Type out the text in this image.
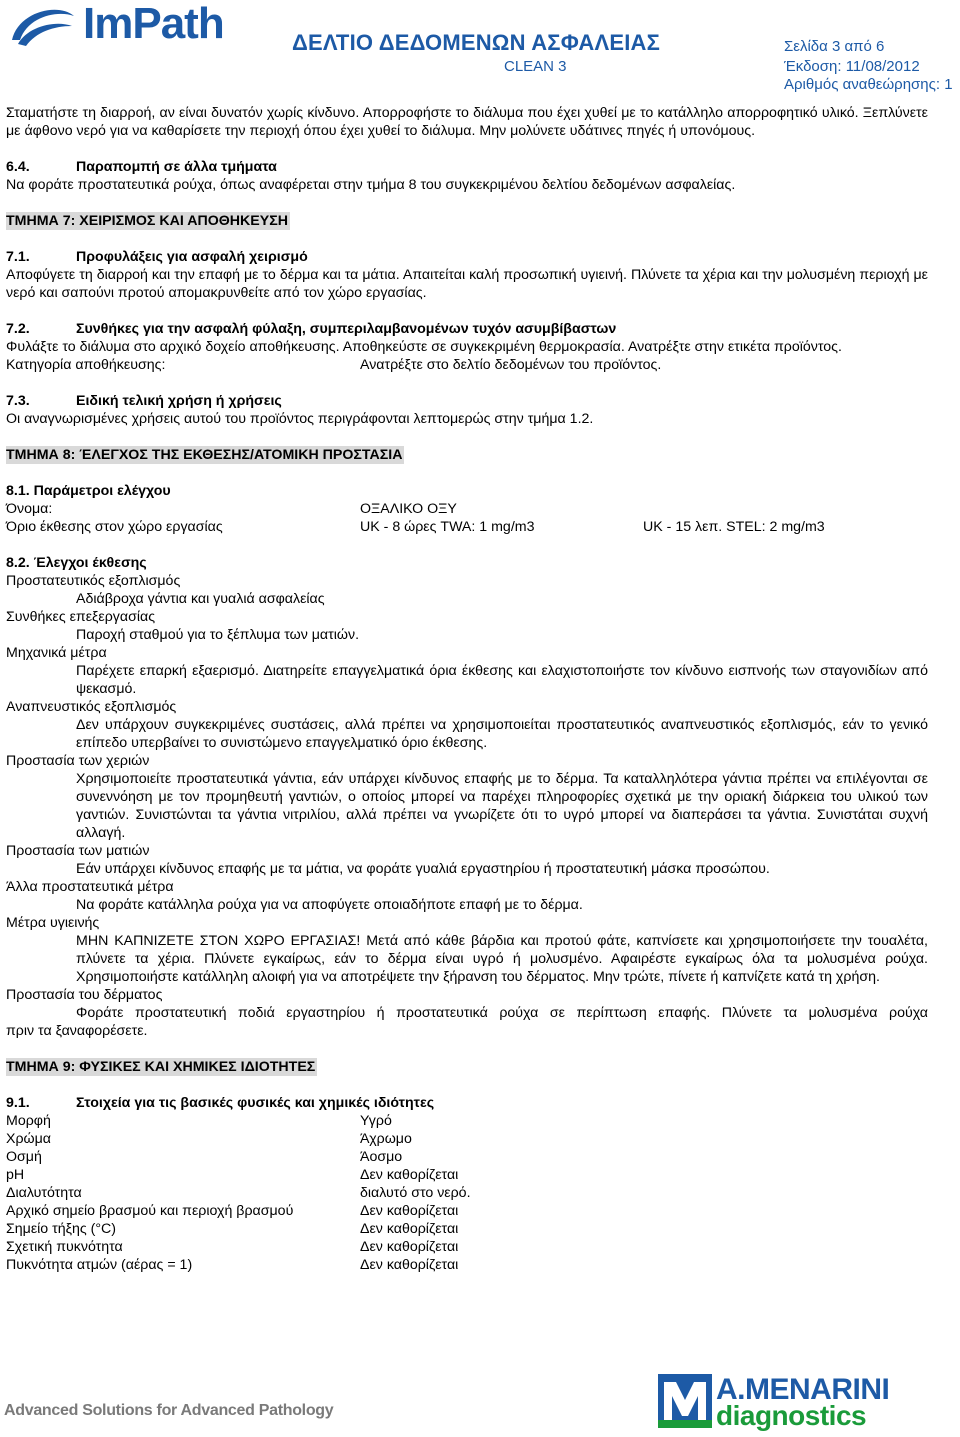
ImPath	ΔΕΛΤΙΟ ΔΕΔΟΜΕΝΩΝ ΑΣΦΑΛΕΙΑΣ
CLEAN 3
Σελίδα 3 από 6
Έκδοση: 11/08/2012
Αριθμός αναθεώρησης: 1

Σταματήστε τη διαρροή, αν είναι δυνατόν χωρίς κίνδυνο. Απορροφήστε το διάλυμα που έχει χυθεί με το κατάλληλο απορροφητικό υλικό. Ξεπλύνετε με άφθονο νερό για να καθαρίσετε την περιοχή όπου έχει χυθεί το διάλυμα. Μην μολύνετε υδάτινες πηγές ή υπονόμους.

6.4.	Παραπομπή σε άλλα τμήματα

Να φοράτε προστατευτικά ρούχα, όπως αναφέρεται στην τμήμα 8 του συγκεκριμένου δελτίου δεδομένων ασφαλείας.

ΤΜΗΜΑ 7: ΧΕΙΡΙΣΜΟΣ ΚΑΙ ΑΠΟΘΗΚΕΥΣΗ
7.1.	Προφυλάξεις για ασφαλή χειρισμό

Αποφύγετε τη διαρροή και την επαφή με το δέρμα και τα μάτια. Απαιτείται καλή προσωπική υγιεινή. Πλύνετε τα χέρια και την μολυσμένη περιοχή με νερό και σαπούνι προτού απομακρυνθείτε από τον χώρο εργασίας.

7.2.	Συνθήκες για την ασφαλή φύλαξη, συμπεριλαμβανομένων τυχόν ασυμβίβαστων

Φυλάξτε το διάλυμα στο αρχικό δοχείο αποθήκευσης. Αποθηκεύστε σε συγκεκριμένη θερμοκρασία. Ανατρέξτε στην ετικέτα προϊόντος.

Κατηγορία αποθήκευσης:	Ανατρέξτε στο δελτίο δεδομένων του προϊόντος.
7.3.	Ειδική τελική χρήση ή χρήσεις

Οι αναγνωρισμένες χρήσεις αυτού του προϊόντος περιγράφονται λεπτομερώς στην τμήμα 1.2.

ΤΜΗΜΑ 8: ΈΛΕΓΧΟΣ ΤΗΣ ΕΚΘΕΣΗΣ/ΑΤΟΜΙΚΗ ΠΡΟΣΤΑΣΙΑ
8.1. Παράμετροι ελέγχου
Όνομα:	ΟΞΑΛΙΚΟ ΟΞΥ
Όριο έκθεσης στον χώρο εργασίας	UK - 8 ώρες TWA: 1 mg/m3	UK - 15 λεπ. STEL: 2 mg/m3
8.2. Έλεγχοι έκθεσης
Προστατευτικός εξοπλισμός
Αδιάβροχα γάντια και γυαλιά ασφαλείας
Συνθήκες επεξεργασίας
Παροχή σταθμού για το ξέπλυμα των ματιών.
Μηχανικά μέτρα
Παρέχετε επαρκή εξαερισμό. Διατηρείτε επαγγελματικά όρια έκθεσης και ελαχιστοποιήστε τον κίνδυνο εισπνοής των σταγονιδίων από ψεκασμό.
Αναπνευστικός εξοπλισμός
Δεν υπάρχουν συγκεκριμένες συστάσεις, αλλά πρέπει να χρησιμοποιείται προστατευτικός αναπνευστικός εξοπλισμός, εάν το γενικό επίπεδο υπερβαίνει το συνιστώμενο επαγγελματικό όριο έκθεσης.
Προστασία των χεριών
Χρησιμοποιείτε προστατευτικά γάντια, εάν υπάρχει κίνδυνος επαφής με το δέρμα. Τα καταλληλότερα γάντια πρέπει να επιλέγονται σε συνεννόηση με τον προμηθευτή γαντιών, ο οποίος μπορεί να παρέχει πληροφορίες σχετικά με την οριακή διάρκεια του υλικού των γαντιών. Συνιστώνται τα γάντια νιτριλίου, αλλά πρέπει να γνωρίζετε ότι το υγρό μπορεί να διαπεράσει τα γάντια. Συνιστάται συχνή αλλαγή.
Προστασία των ματιών
Εάν υπάρχει κίνδυνος επαφής με τα μάτια, να φοράτε γυαλιά εργαστηρίου ή προστατευτική μάσκα προσώπου.
Άλλα προστατευτικά μέτρα
Να φοράτε κατάλληλα ρούχα για να αποφύγετε οποιαδήποτε επαφή με το δέρμα.
Μέτρα υγιεινής
ΜΗΝ ΚΑΠΝΙΖΕΤΕ ΣΤΟΝ ΧΩΡΟ ΕΡΓΑΣΙΑΣ! Μετά από κάθε βάρδια και προτού φάτε, καπνίσετε και χρησιμοποιήσετε την τουαλέτα, πλύνετε τα χέρια. Πλύνετε εγκαίρως, εάν το δέρμα είναι υγρό ή μολυσμένο. Αφαιρέστε εγκαίρως όλα τα μολυσμένα ρούχα. Χρησιμοποιήστε κατάλληλη αλοιφή για να αποτρέψετε την ξήρανση του δέρματος. Μην τρώτε, πίνετε ή καπνίζετε κατά τη χρήση.
Προστασία του δέρματος
Φοράτε προστατευτική ποδιά εργαστηρίου ή προστατευτικά ρούχα σε περίπτωση επαφής. Πλύνετε τα μολυσμένα ρούχα
πριν τα ξαναφορέσετε.
ΤΜΗΜΑ 9: ΦΥΣΙΚΕΣ ΚΑΙ ΧΗΜΙΚΕΣ ΙΔΙΟΤΗΤΕΣ
9.1.	Στοιχεία για τις βασικές φυσικές και χημικές ιδιότητες
Μορφή	Υγρό
Χρώμα	Άχρωμο
Οσμή	Άοσμο
pH	Δεν καθορίζεται
Διαλυτότητα	διαλυτό στο νερό.
Αρχικό σημείο βρασμού και περιοχή βρασμού	Δεν καθορίζεται
Σημείο τήξης (°C)	Δεν καθορίζεται
Σχετική πυκνότητα	Δεν καθορίζεται
Πυκνότητα ατμών (αέρας = 1)	Δεν καθορίζεται
Advanced Solutions for Advanced Pathology
A.MENARINI
diagnostics
